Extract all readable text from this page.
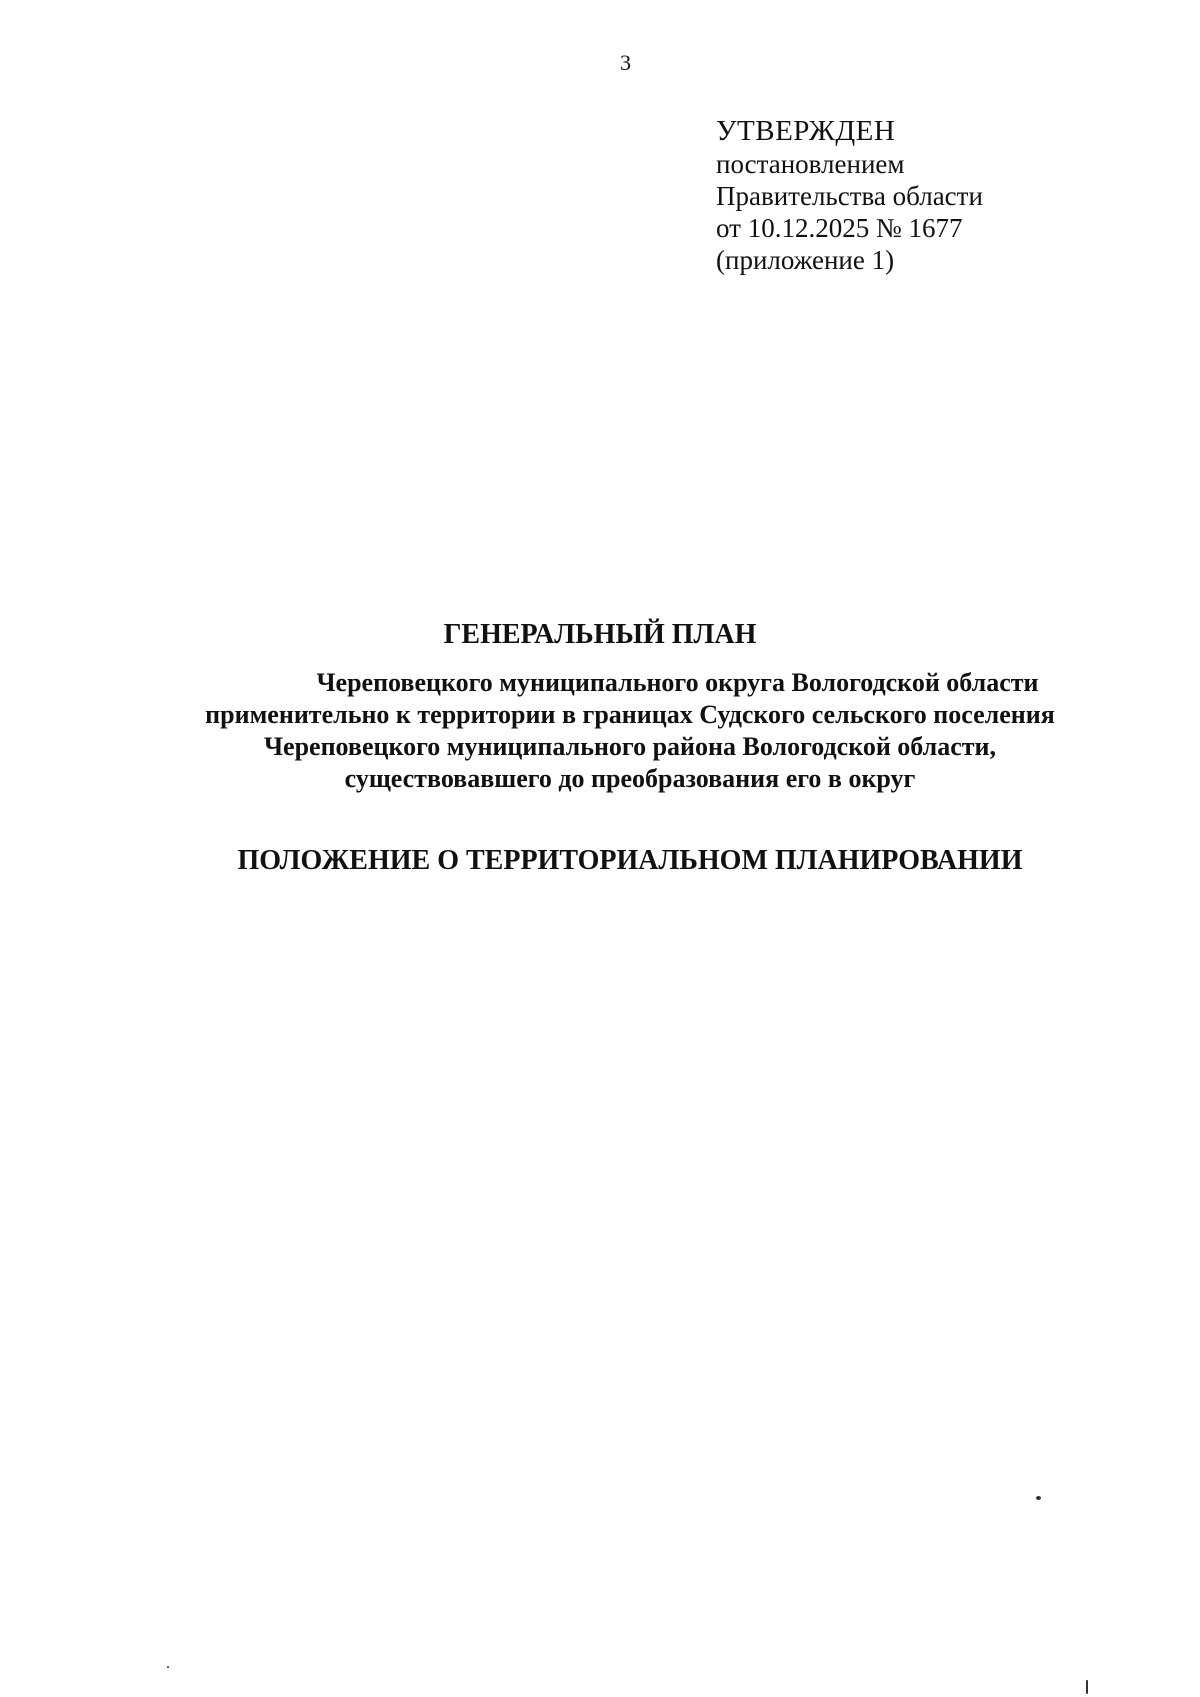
3
УТВЕРЖДЕН
постановлением
Правительства области
от 10.12.2025 № 1677
(приложение 1)
ГЕНЕРАЛЬНЫЙ ПЛАН
Череповецкого муниципального округа Вологодской области
применительно к территории в границах Судского сельского поселения
Череповецкого муниципального района Вологодской области,
существовавшего до преобразования его в округ
ПОЛОЖЕНИЕ О ТЕРРИТОРИАЛЬНОМ ПЛАНИРОВАНИИ
